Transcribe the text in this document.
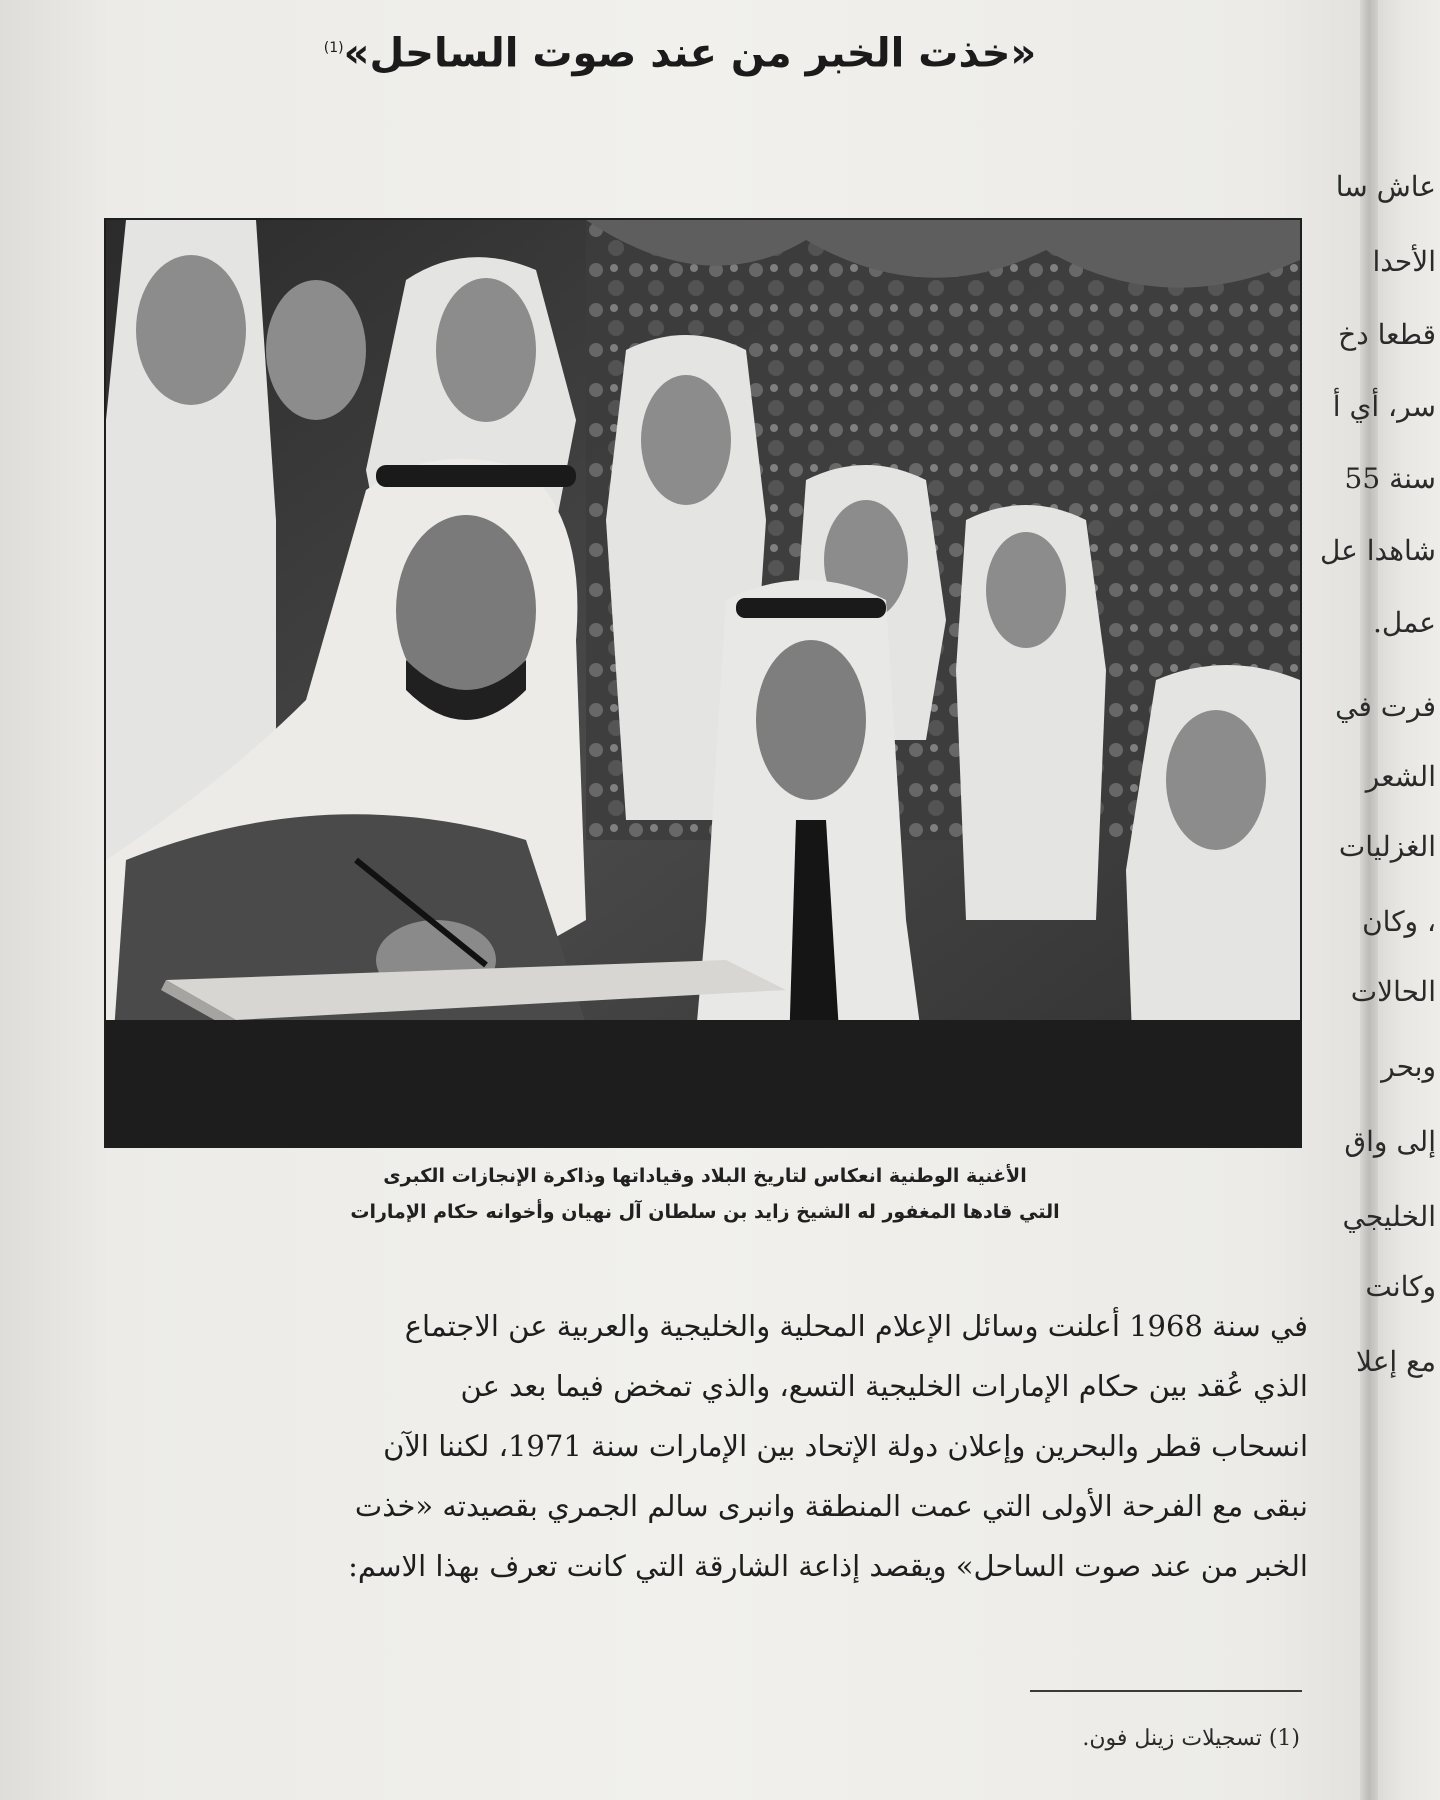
«خذت الخبر من عند صوت الساحل»$^{(1)}$
الأغنية الوطنية انعكاس لتاريخ البلاد وقياداتها وذاكرة الإنجازات الكبرى
التي قادها المغفور له الشيخ زايد بن سلطان آل نهيان وأخوانه حكام الإمارات
في سنة 1968 أعلنت وسائل الإعلام المحلية والخليجية والعربية عن الاجتماع
الذي عُقد بين حكام الإمارات الخليجية التسع، والذي تمخض فيما بعد عن
انسحاب قطر والبحرين وإعلان دولة الإتحاد بين الإمارات سنة 1971، لكننا الآن
نبقى مع الفرحة الأولى التي عمت المنطقة وانبرى سالم الجمري بقصيدته «خذت
الخبر من عند صوت الساحل» ويقصد إذاعة الشارقة التي كانت تعرف بهذا الاسم:
(1) تسجيلات زينل فون.
عاش سا
الأحدا
قطعا دخ
سر، أي أ
سنة 55
شاهدا عل
عمل.
فرت في
الشعر
الغزليات
، وكان
الحالات
وبحر
إلى واق
الخليجي
وكانت
مع إعلا
